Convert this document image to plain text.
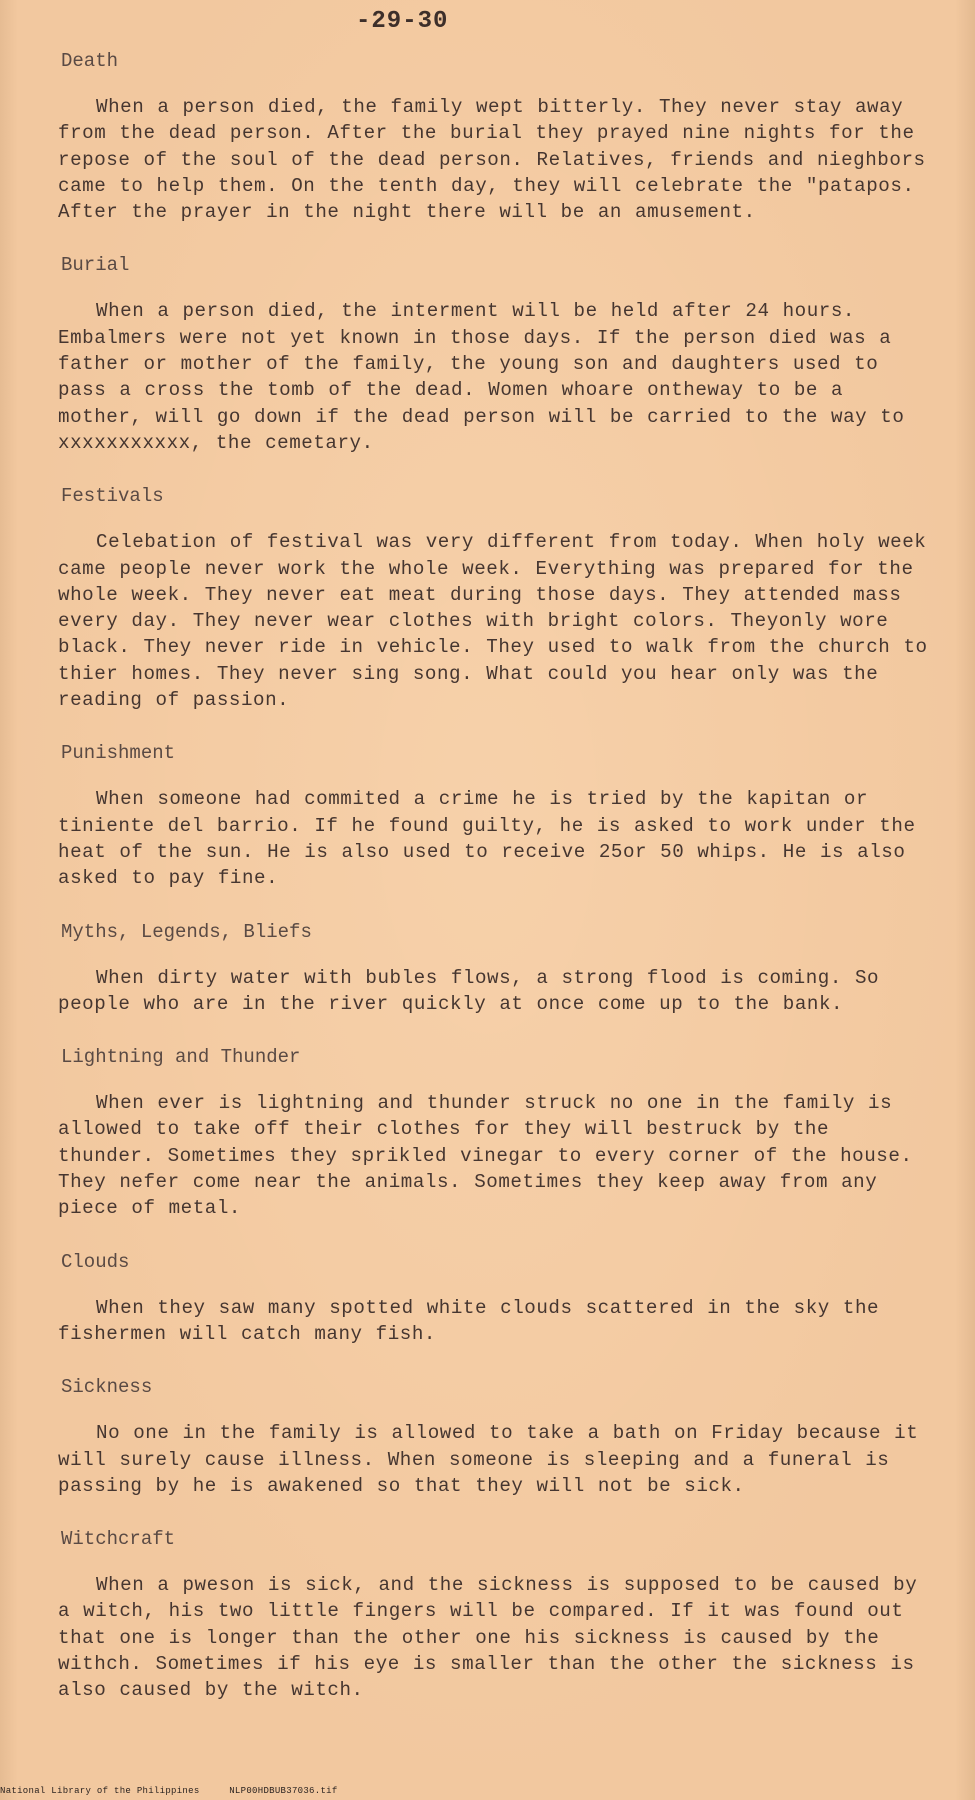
-29-30
Death

When a person died, the family wept bitterly. They never stay away from the dead person. After the burial they prayed nine nights for the repose of the soul of the dead person. Relatives, friends and nieghbors came to help them. On the tenth day, they will celebrate the "patapos. After the prayer in the night there will be an amusement.

Burial

When a person died, the interment will be held after 24 hours. Embalmers were not yet known in those days. If the person died was a father or mother of the family, the young son and daughters used to pass a cross the tomb of the dead. Women whoare ontheway to be a mother, will go down if the dead person will be carried to the way to xxxxxxxxxxx, the cemetary.

Festivals

Celebation of festival was very different from today. When holy week came people never work the whole week. Everything was prepared for the whole week. They never eat meat during those days. They attended mass every day. They never wear clothes with bright colors. Theyonly wore black. They never ride in vehicle. They used to walk from the church to thier homes. They never sing song. What could you hear only was the reading of passion.

Punishment

When someone had commited a crime he is tried by the kapitan or tiniente del barrio. If he found guilty, he is asked to work under the heat of the sun. He is also used to receive 25or 50 whips. He is also asked to pay fine.

Myths, Legends, Bliefs

When dirty water with bubles flows, a strong flood is coming. So people who are in the river quickly at once come up to the bank.

Lightning and Thunder

When ever is lightning and thunder struck no one in the family is allowed to take off their clothes for they will bestruck by the thunder. Sometimes they sprikled vinegar to every corner of the house. They nefer come near the animals. Sometimes they keep away from any piece of metal.

Clouds

When they saw many spotted white clouds scattered in the sky the fishermen will catch many fish.

Sickness

No one in the family is allowed to take a bath on Friday because it will surely cause illness. When someone is sleeping and a funeral is passing by he is awakened so that they will not be sick.

Witchcraft

When a pweson is sick, and the sickness is supposed to be caused by a witch, his two little fingers will be compared. If it was found out that one is longer than the other one his sickness is caused by the withch. Sometimes if his eye is smaller than the other the sickness is also caused by the witch.

National Library of the Philippines	NLP00HDBUB37036.tif
